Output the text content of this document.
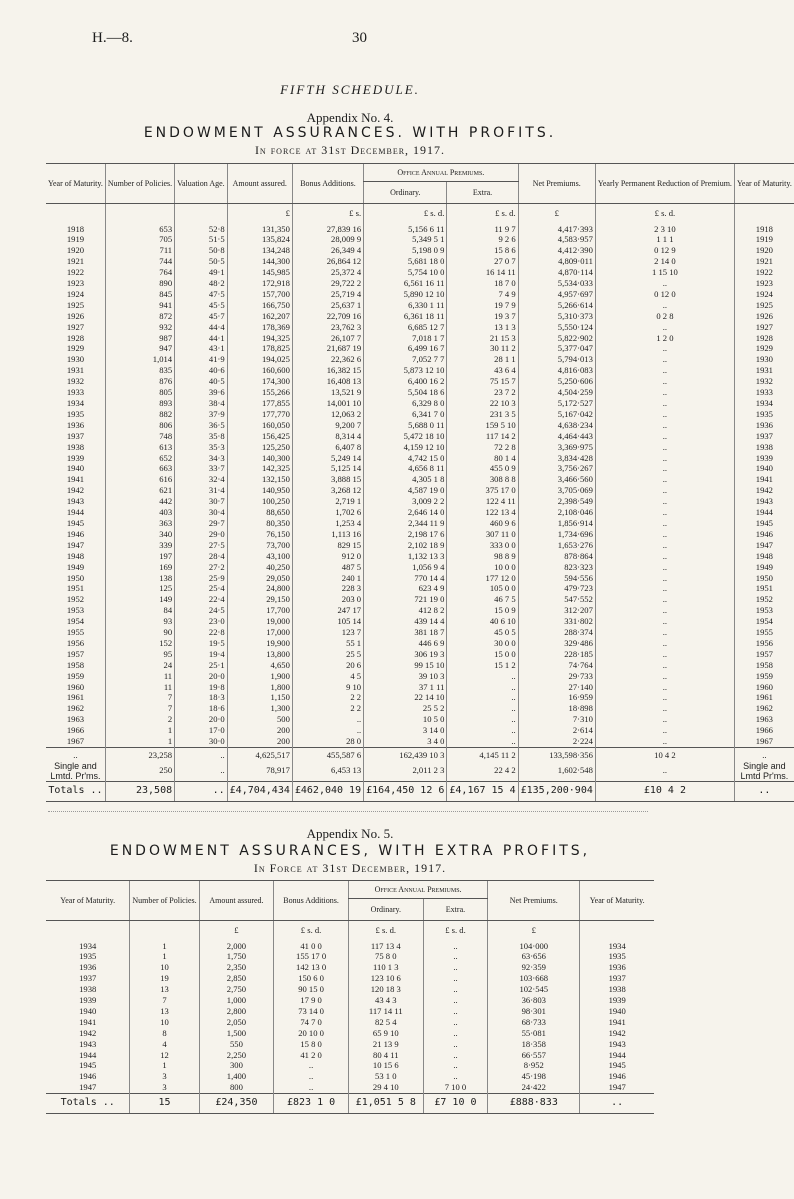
H.—8.	30
FIFTH SCHEDULE.
Appendix No. 4.
ENDOWMENT ASSURANCES. WITH PROFITS.
In force at 31st December, 1917.
Year of Maturity.	Number of Policies.	Valuation Age.	Amount assured.	Bonus Additions.	Office Annual Premiums.		Net Premiums.	Yearly Permanent Reduction of Premium.	Year of Maturity.
					Ordinary.	Extra.			
			£	£ s.	£ s. d.	£ s. d.	£	£ s. d.	
1918	653	52·8	131,350	27,839 16	5,156 6 11	11 9 7	4,417·393	2 3 10	1918
1919	705	51·5	135,824	28,009 9	5,349 5 1	9 2 6	4,583·957	1 1 1	1919
1920	711	50·8	134,248	26,349 4	5,198 0 9	15 8 6	4,412·390	0 12 9	1920
1921	744	50·5	144,300	26,864 12	5,681 18 0	27 0 7	4,809·011	2 14 0	1921
1922	764	49·1	145,985	25,372 4	5,754 10 0	16 14 11	4,870·114	1 15 10	1922
1923	890	48·2	172,918	29,722 2	6,561 16 11	18 7 0	5,534·033	..	1923
1924	845	47·5	157,700	25,719 4	5,890 12 10	7 4 9	4,957·697	0 12 0	1924
1925	941	45·5	166,750	25,637 1	6,330 1 11	19 7 9	5,266·614	..	1925
1926	872	45·7	162,207	22,709 16	6,361 18 11	19 3 7	5,310·373	0 2 8	1926
1927	932	44·4	178,369	23,762 3	6,685 12 7	13 1 3	5,550·124	..	1927
1928	987	44·1	194,325	26,107 7	7,018 1 7	21 15 3	5,822·902	1 2 0	1928
1929	947	43·1	178,825	21,687 19	6,499 16 7	30 11 2	5,377·047	..	1929
1930	1,014	41·9	194,025	22,362 6	7,052 7 7	28 1 1	5,794·013	..	1930
1931	835	40·6	160,600	16,382 15	5,873 12 10	43 6 4	4,816·083	..	1931
1932	876	40·5	174,300	16,408 13	6,400 16 2	75 15 7	5,250·606	..	1932
1933	805	39·6	155,266	13,521 9	5,504 18 6	23 7 2	4,504·259	..	1933
1934	893	38·4	177,855	14,001 10	6,329 8 0	22 10 3	5,172·527	..	1934
1935	882	37·9	177,770	12,063 2	6,341 7 0	231 3 5	5,167·042	..	1935
1936	806	36·5	160,050	9,200 7	5,688 0 11	159 5 10	4,638·234	..	1936
1937	748	35·8	156,425	8,314 4	5,472 18 10	117 14 2	4,464·443	..	1937
1938	613	35·3	125,250	6,407 8	4,159 12 10	72 2 8	3,369·975	..	1938
1939	652	34·3	140,300	5,249 14	4,742 15 0	80 1 4	3,834·428	..	1939
1940	663	33·7	142,325	5,125 14	4,656 8 11	455 0 9	3,756·267	..	1940
1941	616	32·4	132,150	3,888 15	4,305 1 8	308 8 8	3,466·560	..	1941
1942	621	31·4	140,950	3,268 12	4,587 19 0	375 17 0	3,705·069	..	1942
1943	442	30·7	100,250	2,719 1	3,009 2 2	122 4 11	2,398·549	..	1943
1944	403	30·4	88,650	1,702 6	2,646 14 0	122 13 4	2,108·046	..	1944
1945	363	29·7	80,350	1,253 4	2,344 11 9	460 9 6	1,856·914	..	1945
1946	340	29·0	76,150	1,113 16	2,198 17 6	307 11 0	1,734·696	..	1946
1947	339	27·5	73,700	829 15	2,102 18 9	333 0 0	1,653·276	..	1947
1948	197	28·4	43,100	912 0	1,132 13 3	98 8 9	878·864	..	1948
1949	169	27·2	40,250	487 5	1,056 9 4	10 0 0	823·323	..	1949
1950	138	25·9	29,050	240 1	770 14 4	177 12 0	594·556	..	1950
1951	125	25·4	24,800	228 3	623 4 9	105 0 0	479·723	..	1951
1952	149	22·4	29,150	203 0	721 19 0	46 7 5	547·552	..	1952
1953	84	24·5	17,700	247 17	412 8 2	15 0 9	312·207	..	1953
1954	93	23·0	19,000	105 14	439 14 4	40 6 10	331·802	..	1954
1955	90	22·8	17,000	123 7	381 18 7	45 0 5	288·374	..	1955
1956	152	19·5	19,900	55 1	446 6 9	30 0 0	329·486	..	1956
1957	95	19·4	13,800	25 5	306 19 3	15 0 0	228·185	..	1957
1958	24	25·1	4,650	20 6	99 15 10	15 1 2	74·764	..	1958
1959	11	20·0	1,900	4 5	39 10 3	..	29·733	..	1959
1960	11	19·8	1,800	9 10	37 1 11	..	27·140	..	1960
1961	7	18·3	1,150	2 2	22 14 10	..	16·959	..	1961
1962	7	18·6	1,300	2 2	25 5 2	..	18·898	..	1962
1963	2	20·0	500	..	10 5 0	..	7·310	..	1963
1966	1	17·0	200	..	3 14 0	..	2·614	..	1966
1967	1	30·0	200	28 0	3 4 0	..	2·224	..	1967
..	23,258	..	4,625,517	455,587 6	162,439 10 3	4,145 11 2	133,598·356	10 4 2	..
Single and Lmtd. Pr'ms.	250	..	78,917	6,453 13	2,011 2 3	22 4 2	1,602·548	..	Single and Lmtd Pr'ms.
Totals ..	23,508	..	£4,704,434	£462,040 19	£164,450 12 6	£4,167 15 4	£135,200·904	£10 4 2	..
Appendix No. 5.
ENDOWMENT ASSURANCES, WITH EXTRA PROFITS,
In Force at 31st December, 1917.
Year of Maturity.	Number of Policies.	Amount assured.	Bonus Additions.	Office Annual Premiums.		Net Premiums.	Year of Maturity.
				Ordinary.	Extra.		
		£	£ s. d.	£ s. d.	£ s. d.	£	
1934	1	2,000	41 0 0	117 13 4	..	104·000	1934
1935	1	1,750	155 17 0	75 8 0	..	63·656	1935
1936	10	2,350	142 13 0	110 1 3	..	92·359	1936
1937	19	2,850	150 6 0	123 10 6	..	103·668	1937
1938	13	2,750	90 15 0	120 18 3	..	102·545	1938
1939	7	1,000	17 9 0	43 4 3	..	36·803	1939
1940	13	2,800	73 14 0	117 14 11	..	98·301	1940
1941	10	2,050	74 7 0	82 5 4	..	68·733	1941
1942	8	1,500	20 10 0	65 9 10	..	55·081	1942
1943	4	550	15 8 0	21 13 9	..	18·358	1943
1944	12	2,250	41 2 0	80 4 11	..	66·557	1944
1945	1	300	..	10 15 6	..	8·952	1945
1946	3	1,400	..	53 1 0	..	45·198	1946
1947	3	800	..	29 4 10	7 10 0	24·422	1947
Totals ..	15	£24,350	£823 1 0	£1,051 5 8	£7 10 0	£888·833	..
